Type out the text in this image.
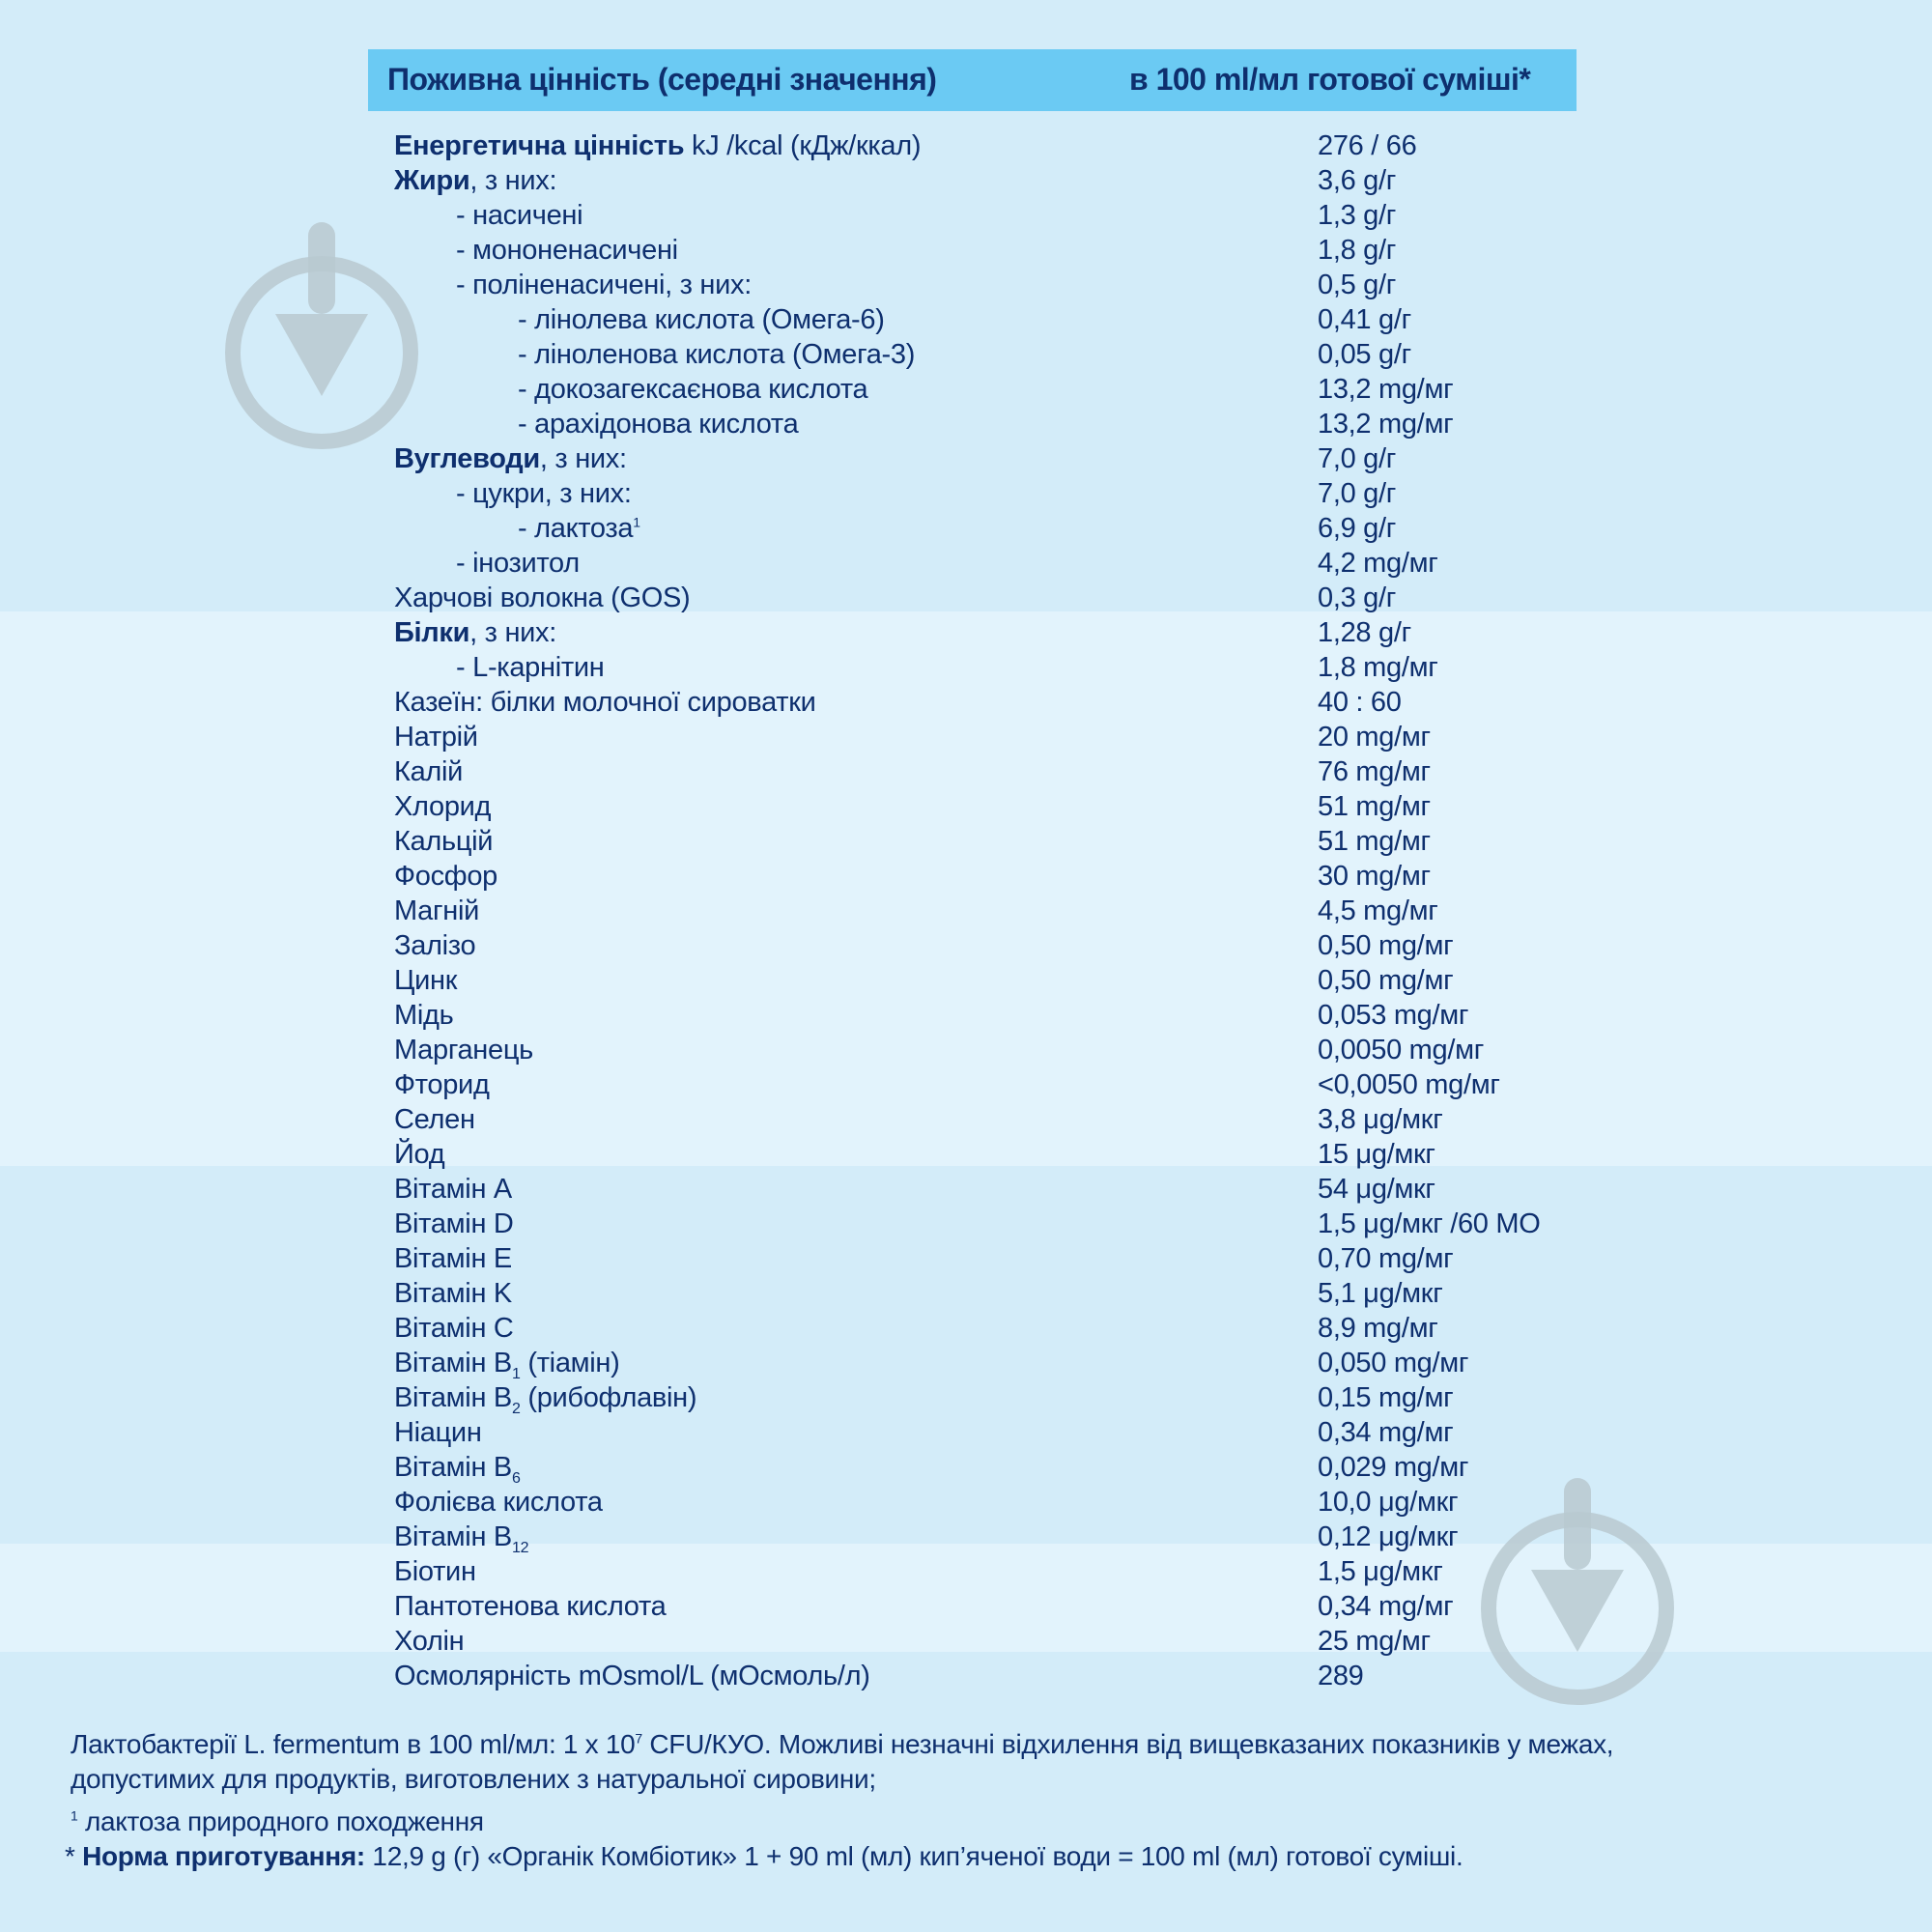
Поживна цінність (середні значення)	в 100 ml/мл готової суміші*
Енергетична цінність kJ /kcal (кДж/ккал)	276 / 66
Жири, з них:	3,6 g/г
- насичені	1,3 g/г
- мононенасичені	1,8 g/г
- поліненасичені, з них:	0,5 g/г
- лінолева кислота (Омега-6)	0,41 g/г
- ліноленова кислота (Омега-3)	0,05 g/г
- докозагексаєнова кислота	13,2 mg/мг
- арахідонова кислота	13,2 mg/мг
Вуглеводи, з них:	7,0 g/г
- цукри, з них:	7,0 g/г
- лактоза$^1$	6,9 g/г
- інозитол	4,2 mg/мг
Харчові волокна (GOS)	0,3 g/г
Білки, з них:	1,28 g/г
- L-карнітин	1,8 mg/мг
Казеїн: білки молочної сироватки	40 : 60
Натрій	20 mg/мг
Калій	76 mg/мг
Хлорид	51 mg/мг
Кальцій	51 mg/мг
Фосфор	30 mg/мг
Магній	4,5 mg/мг
Залізо	0,50 mg/мг
Цинк	0,50 mg/мг
Мідь	0,053 mg/мг
Марганець	0,0050 mg/мг
Фторид	<0,0050 mg/мг
Селен	3,8 μg/мкг
Йод	15 μg/мкг
Вітамін А	54 μg/мкг
Вітамін D	1,5 μg/мкг /60 МО
Вітамін E	0,70 mg/мг
Вітамін K	5,1 μg/мкг
Вітамін C	8,9 mg/мг
Вітамін $B_1$ (тіамін)	0,050 mg/мг
Вітамін $B_2$ (рибофлавін)	0,15 mg/мг
Ніацин	0,34 mg/мг
Вітамін $B_6$	0,029 mg/мг
Фолієва кислота	10,0 μg/мкг
Вітамін $B_{12}$	0,12 μg/мкг
Біотин	1,5 μg/мкг
Пантотенова кислота	0,34 mg/мг
Холін	25 mg/мг
Осмолярність mOsmol/L (мОсмоль/л)	289
Лактобактерії L. fermentum в 100 ml/мл: 1 x $10^7$ CFU/КУО. Можливі незначні відхилення від вищевказаних показників у межах,
допустимих для продуктів, виготовлених з натуральної сировини;
$^1$ лактоза природного походження
* Норма приготування: 12,9 g (г) «Органік Комбіотик» 1 + 90 ml (мл) кип’яченої води = 100 ml (мл) готової суміші.
